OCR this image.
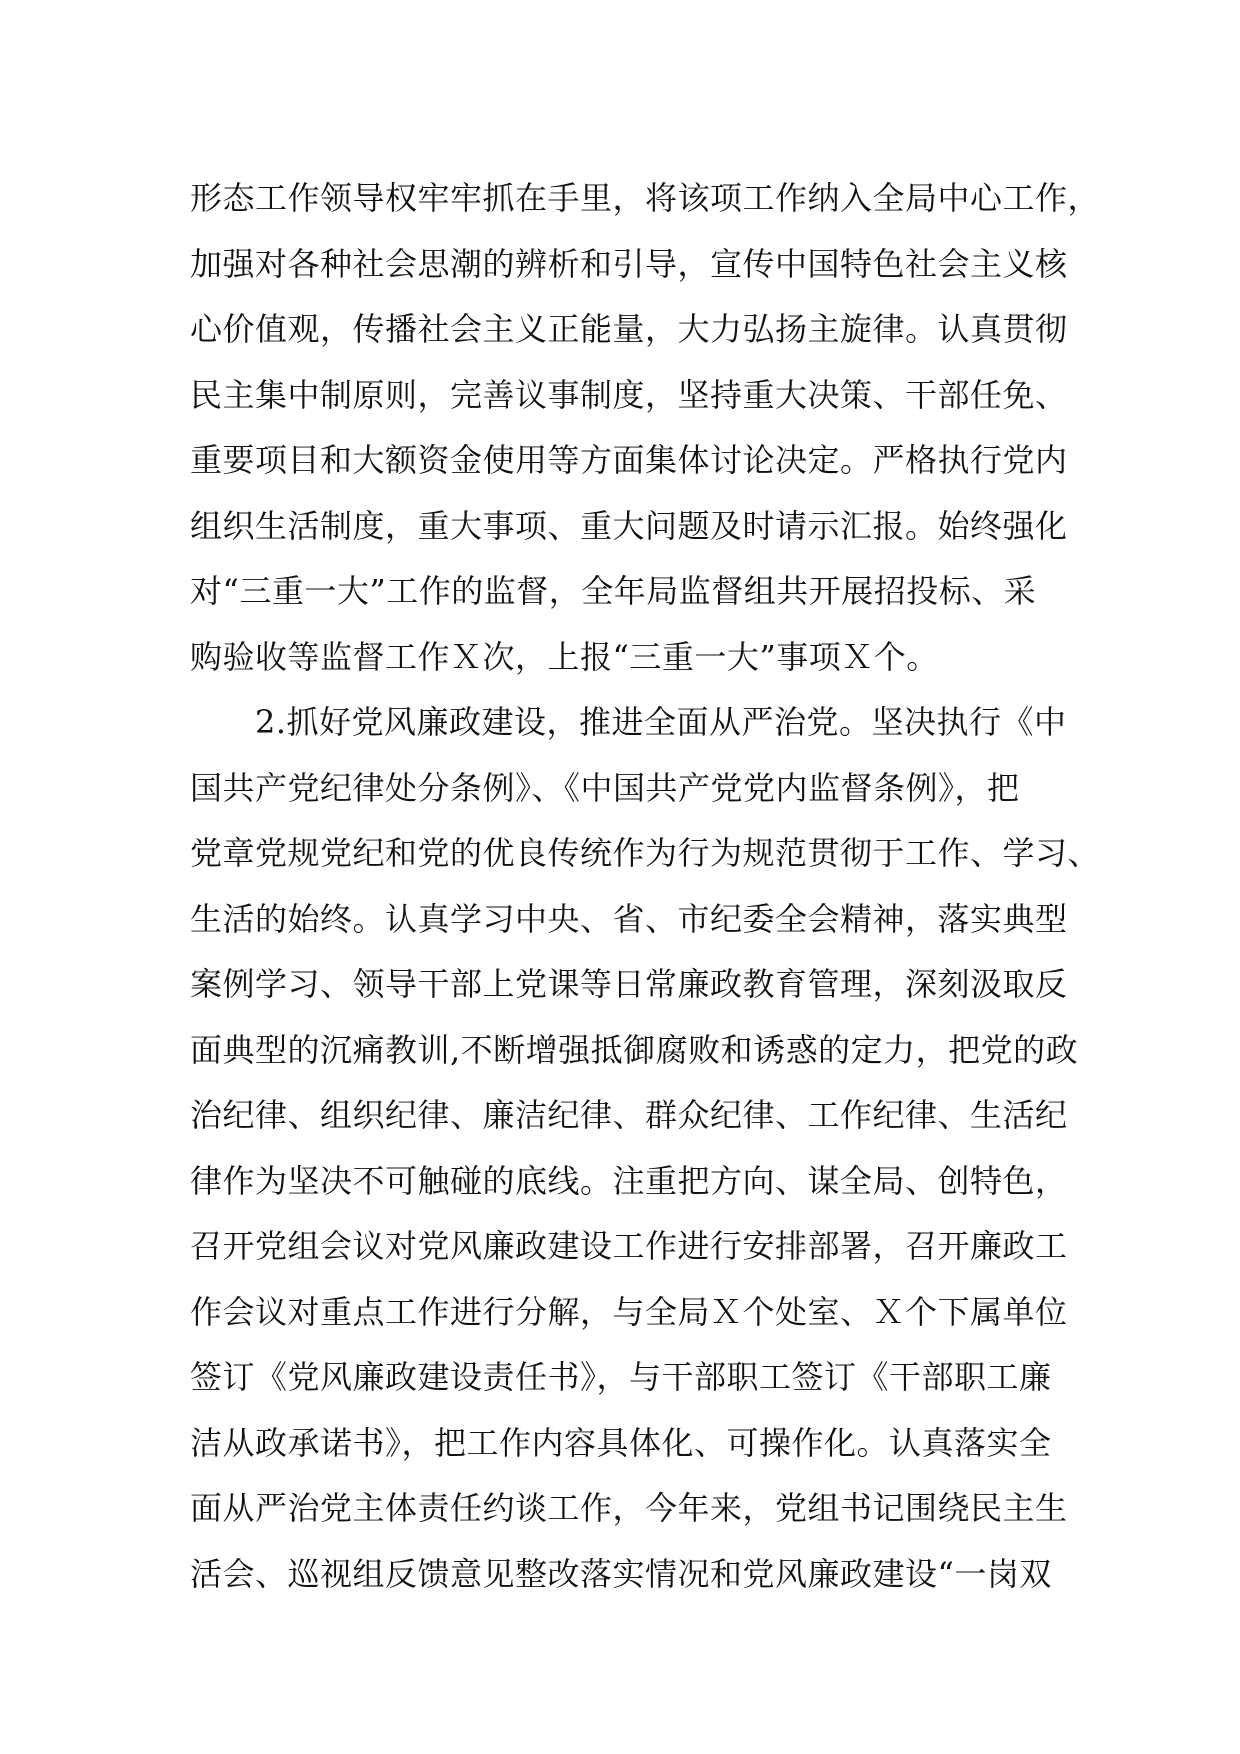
形态工作领导权牢牢抓在手里，将该项工作纳入全局中心工作，
加强对各种社会思潮的辨析和引导，宣传中国特色社会主义核
心价值观，传播社会主义正能量，大力弘扬主旋律。认真贯彻
民主集中制原则，完善议事制度，坚持重大决策、干部任免、
重要项目和大额资金使用等方面集体讨论决定。严格执行党内
组织生活制度，重大事项、重大问题及时请示汇报。始终强化
对“三重一大”工作的监督，全年局监督组共开展招投标、采
购验收等监督工作Ｘ次，上报“三重一大”事项Ｘ个。
　　2.抓好党风廉政建设，推进全面从严治党。坚决执行《中
国共产党纪律处分条例》、《中国共产党党内监督条例》，把
党章党规党纪和党的优良传统作为行为规范贯彻于工作、学习、
生活的始终。认真学习中央、省、市纪委全会精神，落实典型
案例学习、领导干部上党课等日常廉政教育管理，深刻汲取反
面典型的沉痛教训,不断增强抵御腐败和诱惑的定力，把党的政
治纪律、组织纪律、廉洁纪律、群众纪律、工作纪律、生活纪
律作为坚决不可触碰的底线。注重把方向、谋全局、创特色，
召开党组会议对党风廉政建设工作进行安排部署，召开廉政工
作会议对重点工作进行分解，与全局Ｘ个处室、Ｘ个下属单位
签订《党风廉政建设责任书》，与干部职工签订《干部职工廉
洁从政承诺书》，把工作内容具体化、可操作化。认真落实全
面从严治党主体责任约谈工作，今年来，党组书记围绕民主生
活会、巡视组反馈意见整改落实情况和党风廉政建设“一岗双
